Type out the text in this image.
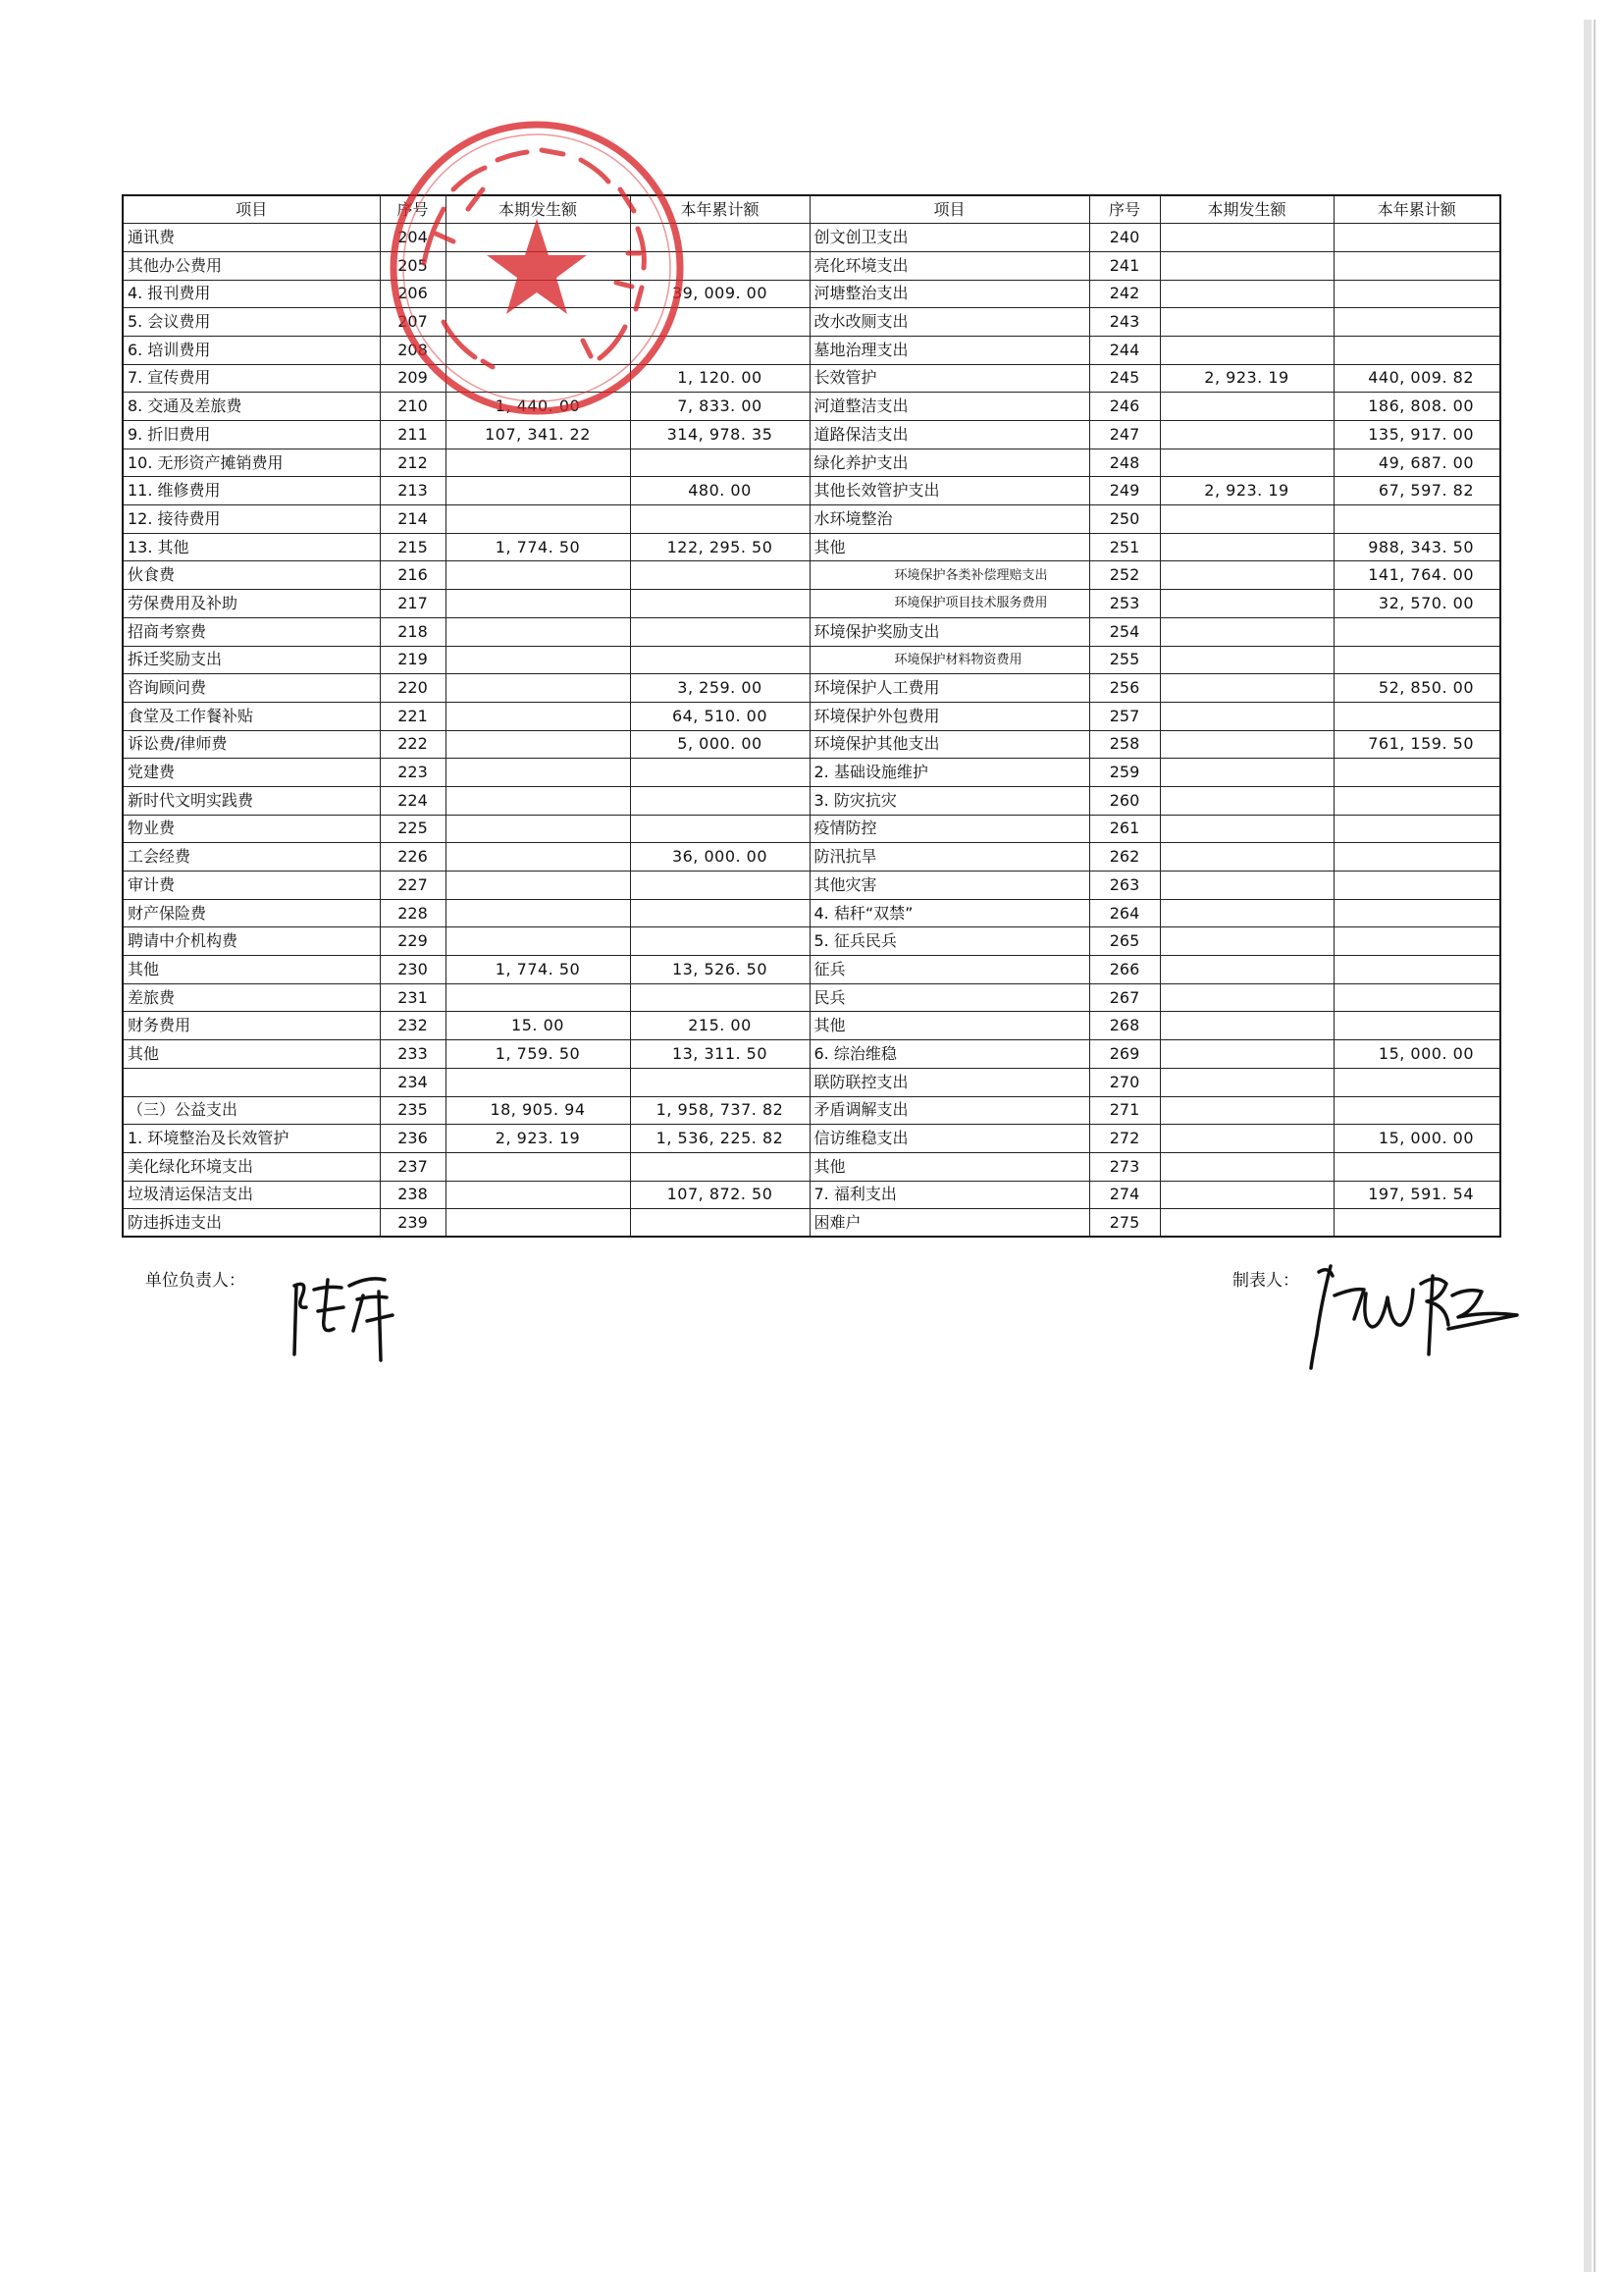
项目	序号	本期发生额	本年累计额	项目	序号	本期发生额	本年累计额
通讯费	204			创文创卫支出	240		
其他办公费用	205			亮化环境支出	241		
4. 报刊费用	206		39, 009. 00	河塘整治支出	242		
5. 会议费用	207			改水改厕支出	243		
6. 培训费用	208			墓地治理支出	244		
7. 宣传费用	209		1, 120. 00	长效管护	245	2, 923. 19	440, 009. 82
8. 交通及差旅费	210	1, 440. 00	7, 833. 00	河道整洁支出	246		186, 808. 00
9. 折旧费用	211	107, 341. 22	314, 978. 35	道路保洁支出	247		135, 917. 00
10. 无形资产摊销费用	212			绿化养护支出	248		49, 687. 00
11. 维修费用	213		480. 00	其他长效管护支出	249	2, 923. 19	67, 597. 82
12. 接待费用	214			水环境整治	250		
13. 其他	215	1, 774. 50	122, 295. 50	其他	251		988, 343. 50
伙食费	216			环境保护各类补偿理赔支出	252		141, 764. 00
劳保费用及补助	217			环境保护项目技术服务费用	253		32, 570. 00
招商考察费	218			环境保护奖励支出	254		
拆迁奖励支出	219			环境保护材料物资费用	255		
咨询顾问费	220		3, 259. 00	环境保护人工费用	256		52, 850. 00
食堂及工作餐补贴	221		64, 510. 00	环境保护外包费用	257		
诉讼费/律师费	222		5, 000. 00	环境保护其他支出	258		761, 159. 50
党建费	223			2. 基础设施维护	259		
新时代文明实践费	224			3. 防灾抗灾	260		
物业费	225			疫情防控	261		
工会经费	226		36, 000. 00	防汛抗旱	262		
审计费	227			其他灾害	263		
财产保险费	228			4. 秸秆“双禁”	264		
聘请中介机构费	229			5. 征兵民兵	265		
其他	230	1, 774. 50	13, 526. 50	征兵	266		
差旅费	231			民兵	267		
财务费用	232	15. 00	215. 00	其他	268		
其他	233	1, 759. 50	13, 311. 50	6. 综治维稳	269		15, 000. 00
	234			联防联控支出	270		
（三）公益支出	235	18, 905. 94	1, 958, 737. 82	矛盾调解支出	271		
1. 环境整治及长效管护	236	2, 923. 19	1, 536, 225. 82	信访维稳支出	272		15, 000. 00
美化绿化环境支出	237			其他	273		
垃圾清运保洁支出	238		107, 872. 50	7. 福利支出	274		197, 591. 54
防违拆违支出	239			困难户	275		
单位负责人：	制表人：
